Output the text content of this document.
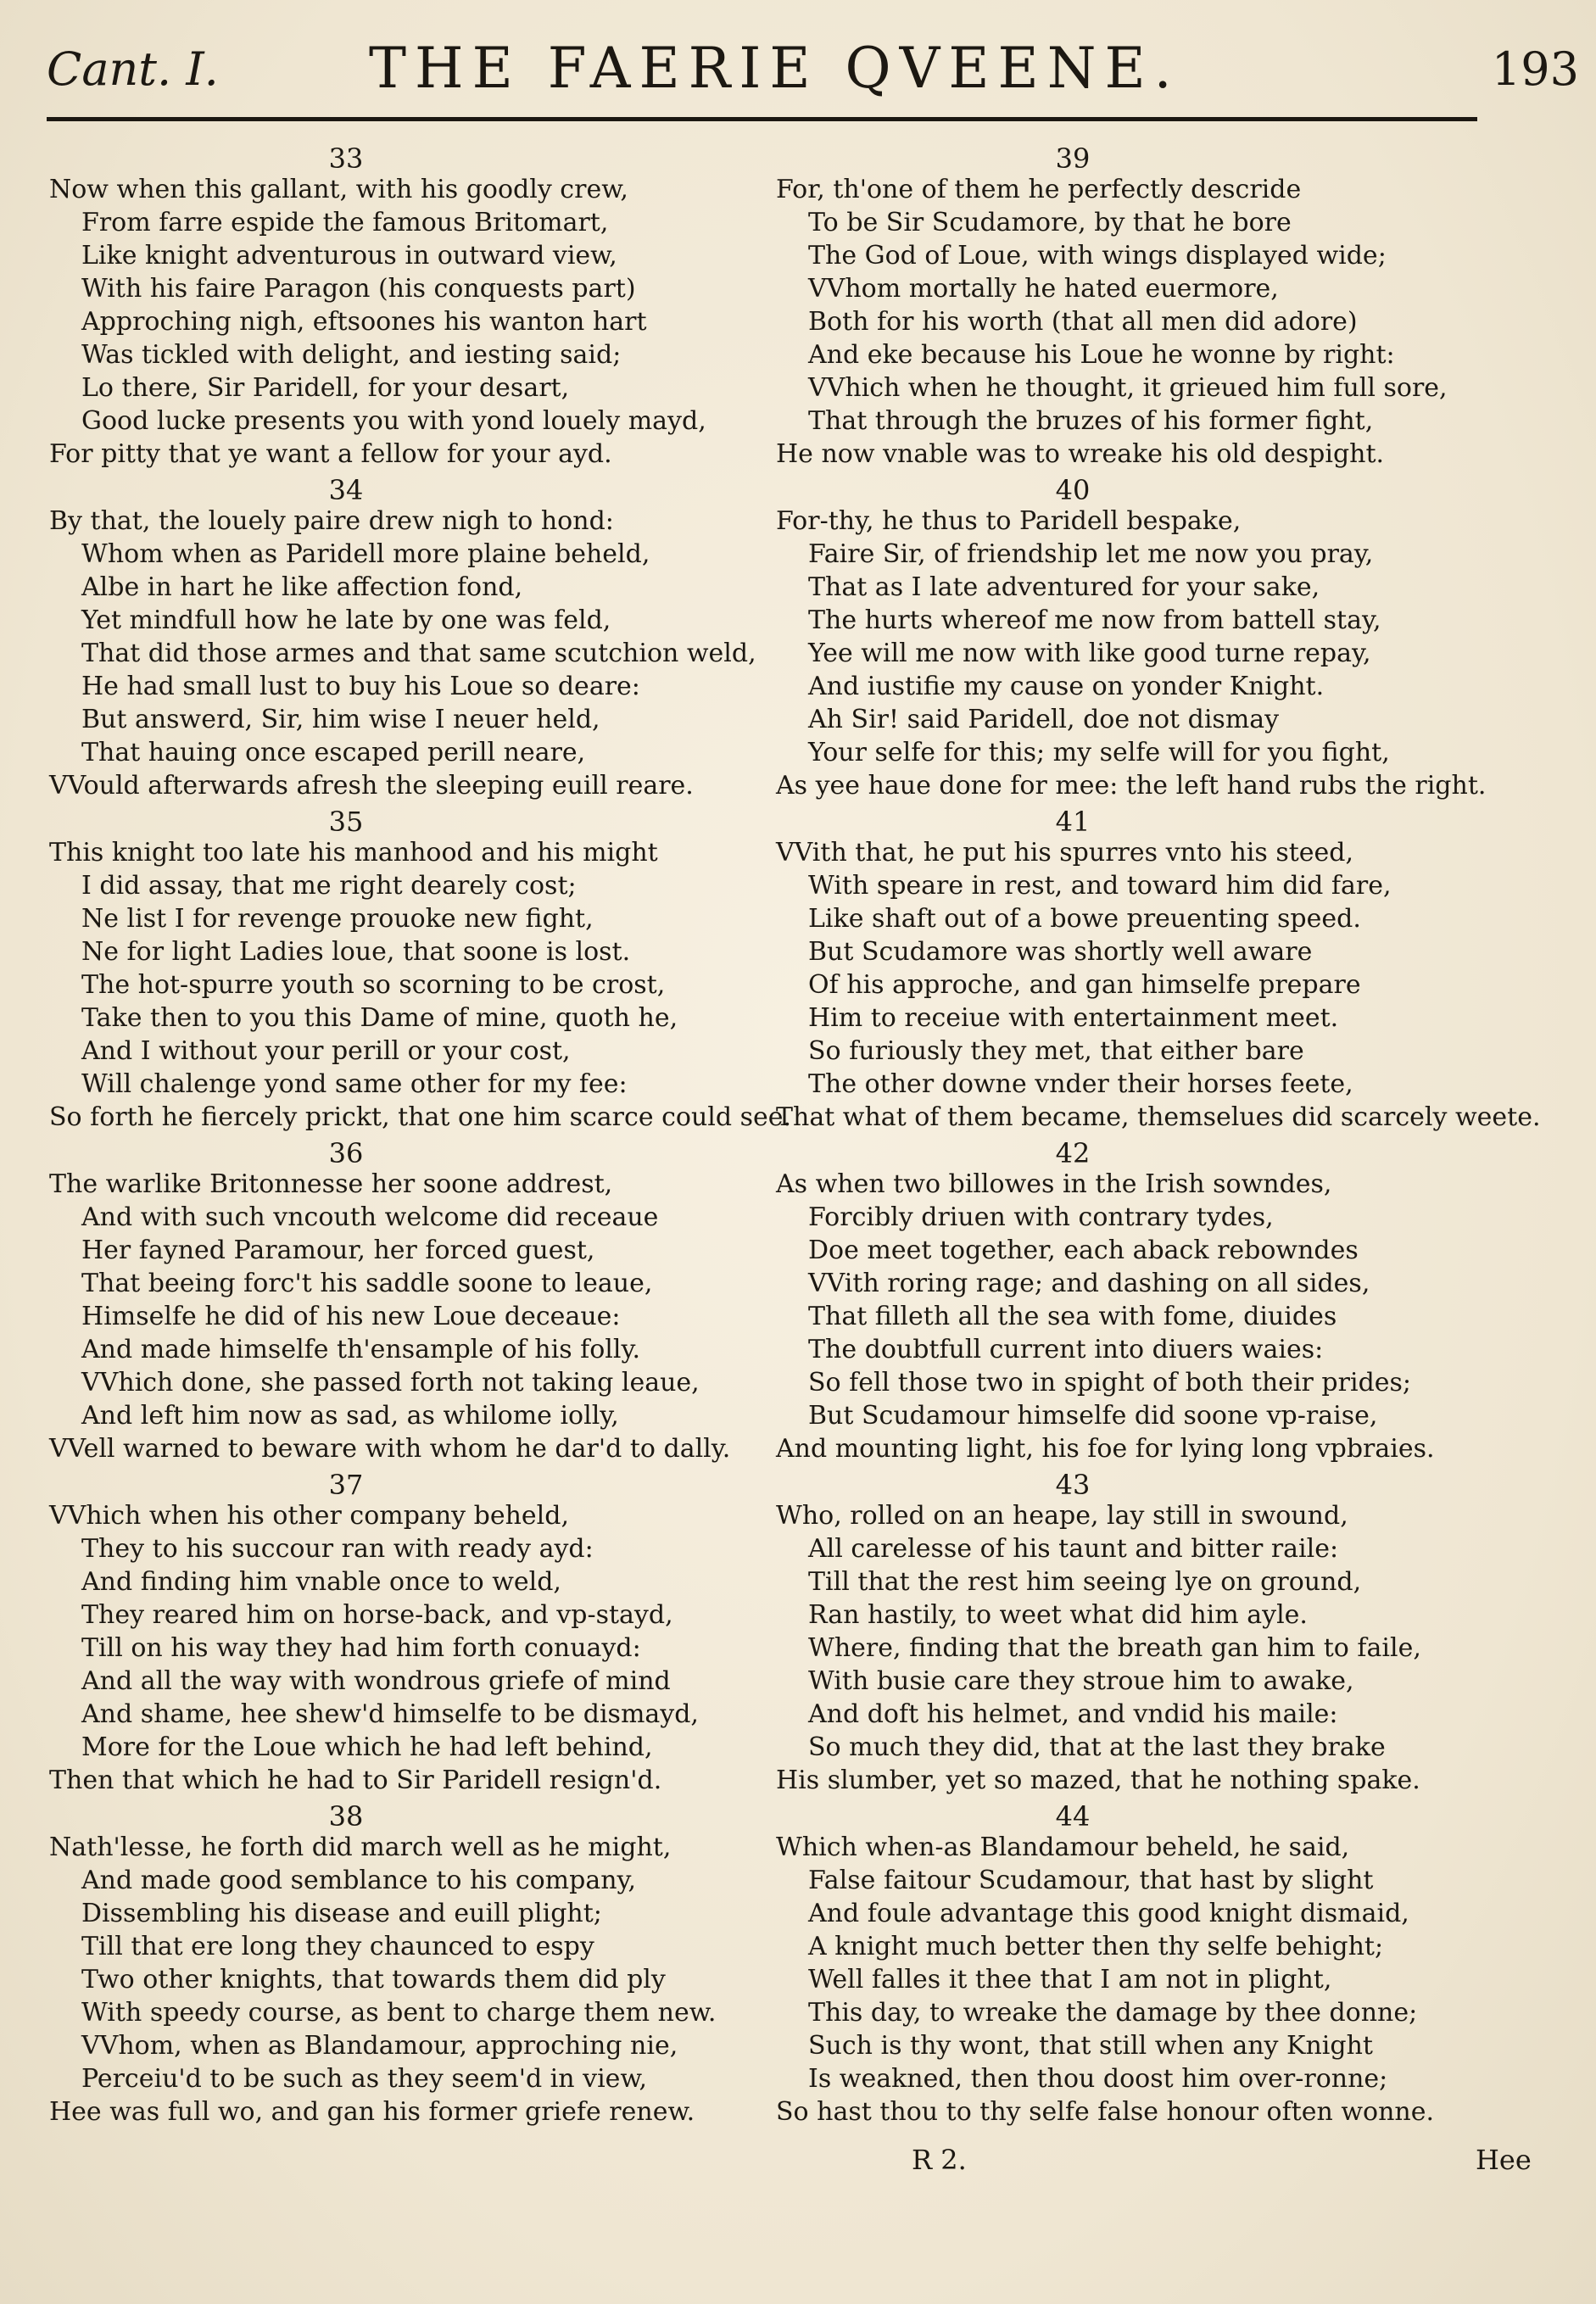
Cant. I.	THE FAERIE QVEENE.	193
33
Now when this gallant, with his goodly crew,
From farre espide the famous Britomart,
Like knight adventurous in outward view,
With his faire Paragon (his conquests part)
Approching nigh, eftsoones his wanton hart
Was tickled with delight, and iesting said;
Lo there, Sir Paridell, for your desart,
Good lucke presents you with yond louely mayd,
For pitty that ye want a fellow for your ayd.
34
By that, the louely paire drew nigh to hond:
Whom when as Paridell more plaine beheld,
Albe in hart he like affection fond,
Yet mindfull how he late by one was feld,
That did those armes and that same scutchion weld,
He had small lust to buy his Loue so deare:
But answerd, Sir, him wise I neuer held,
That hauing once escaped perill neare,
VVould afterwards afresh the sleeping euill reare.
35
This knight too late his manhood and his might
I did assay, that me right dearely cost;
Ne list I for revenge prouoke new fight,
Ne for light Ladies loue, that soone is lost.
The hot-spurre youth so scorning to be crost,
Take then to you this Dame of mine, quoth he,
And I without your perill or your cost,
Will chalenge yond same other for my fee:
So forth he fiercely prickt, that one him scarce could see.
36
The warlike Britonnesse her soone addrest,
And with such vncouth welcome did receaue
Her fayned Paramour, her forced guest,
That beeing forc't his saddle soone to leaue,
Himselfe he did of his new Loue deceaue:
And made himselfe th'ensample of his folly.
VVhich done, she passed forth not taking leaue,
And left him now as sad, as whilome iolly,
VVell warned to beware with whom he dar'd to dally.
37
VVhich when his other company beheld,
They to his succour ran with ready ayd:
And finding him vnable once to weld,
They reared him on horse-back, and vp-stayd,
Till on his way they had him forth conuayd:
And all the way with wondrous griefe of mind
And shame, hee shew'd himselfe to be dismayd,
More for the Loue which he had left behind,
Then that which he had to Sir Paridell resign'd.
38
Nath'lesse, he forth did march well as he might,
And made good semblance to his company,
Dissembling his disease and euill plight;
Till that ere long they chaunced to espy
Two other knights, that towards them did ply
With speedy course, as bent to charge them new.
VVhom, when as Blandamour, approching nie,
Perceiu'd to be such as they seem'd in view,
Hee was full wo, and gan his former griefe renew.
39
For, th'one of them he perfectly descride
To be Sir Scudamore, by that he bore
The God of Loue, with wings displayed wide;
VVhom mortally he hated euermore,
Both for his worth (that all men did adore)
And eke because his Loue he wonne by right:
VVhich when he thought, it grieued him full sore,
That through the bruzes of his former fight,
He now vnable was to wreake his old despight.
40
For-thy, he thus to Paridell bespake,
Faire Sir, of friendship let me now you pray,
That as I late adventured for your sake,
The hurts whereof me now from battell stay,
Yee will me now with like good turne repay,
And iustifie my cause on yonder Knight.
Ah Sir! said Paridell, doe not dismay
Your selfe for this; my selfe will for you fight,
As yee haue done for mee: the left hand rubs the right.
41
VVith that, he put his spurres vnto his steed,
With speare in rest, and toward him did fare,
Like shaft out of a bowe preuenting speed.
But Scudamore was shortly well aware
Of his approche, and gan himselfe prepare
Him to receiue with entertainment meet.
So furiously they met, that either bare
The other downe vnder their horses feete,
That what of them became, themselues did scarcely weete.
42
As when two billowes in the Irish sowndes,
Forcibly driuen with contrary tydes,
Doe meet together, each aback rebowndes
VVith roring rage; and dashing on all sides,
That filleth all the sea with fome, diuides
The doubtfull current into diuers waies:
So fell those two in spight of both their prides;
But Scudamour himselfe did soone vp-raise,
And mounting light, his foe for lying long vpbraies.
43
Who, rolled on an heape, lay still in swound,
All carelesse of his taunt and bitter raile:
Till that the rest him seeing lye on ground,
Ran hastily, to weet what did him ayle.
Where, finding that the breath gan him to faile,
With busie care they stroue him to awake,
And doft his helmet, and vndid his maile:
So much they did, that at the last they brake
His slumber, yet so mazed, that he nothing spake.
44
Which when-as Blandamour beheld, he said,
False faitour Scudamour, that hast by slight
And foule advantage this good knight dismaid,
A knight much better then thy selfe behight;
Well falles it thee that I am not in plight,
This day, to wreake the damage by thee donne;
Such is thy wont, that still when any Knight
Is weakned, then thou doost him over-ronne;
So hast thou to thy selfe false honour often wonne.
R 2.	Hee
